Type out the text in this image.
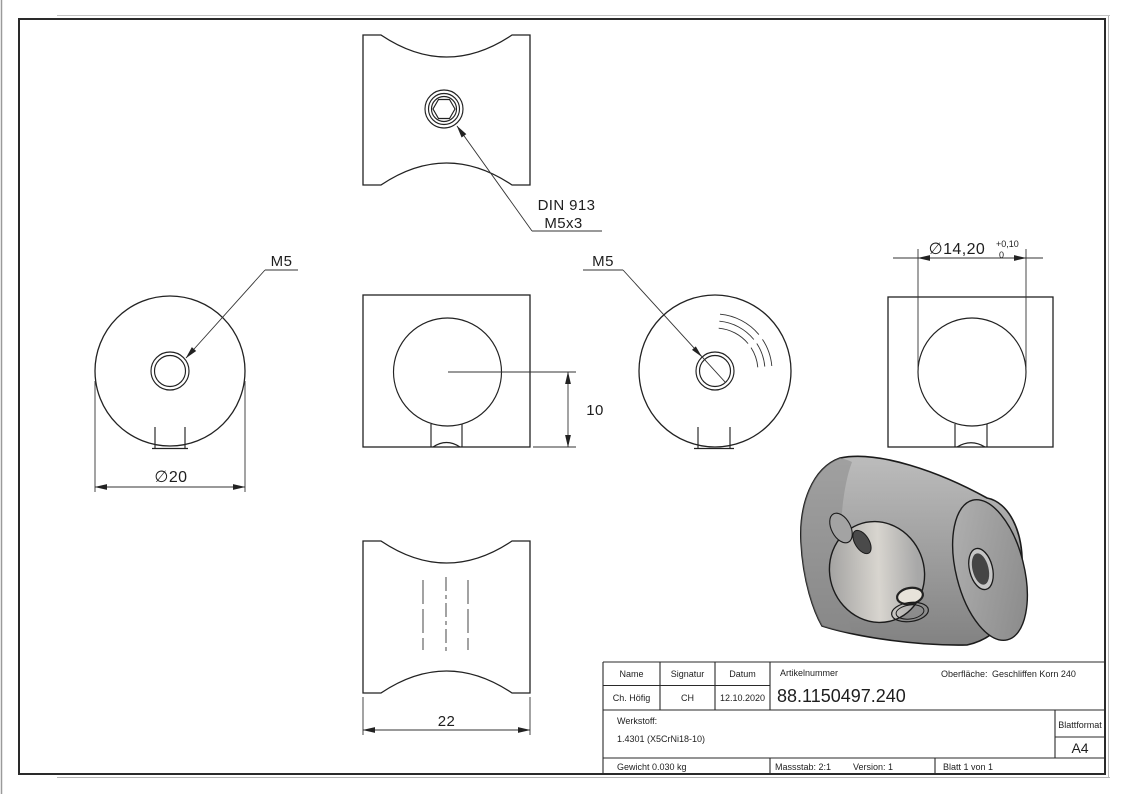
DIN 913
M5x3
M5
∅20
10
M5
∅14,20 +0,10
0
22
Name	Signatur	Datum
Ch. Höfig	CH	12.10.2020
Artikelnummer
88.1150497.240
Oberfläche: Geschliffen Korn 240
Werkstoff:
1.4301 (X5CrNi18-10)
Blattformat
A4
Gewicht 0.030 kg	Massstab: 2:1 Version: 1	Blatt 1 von 1
